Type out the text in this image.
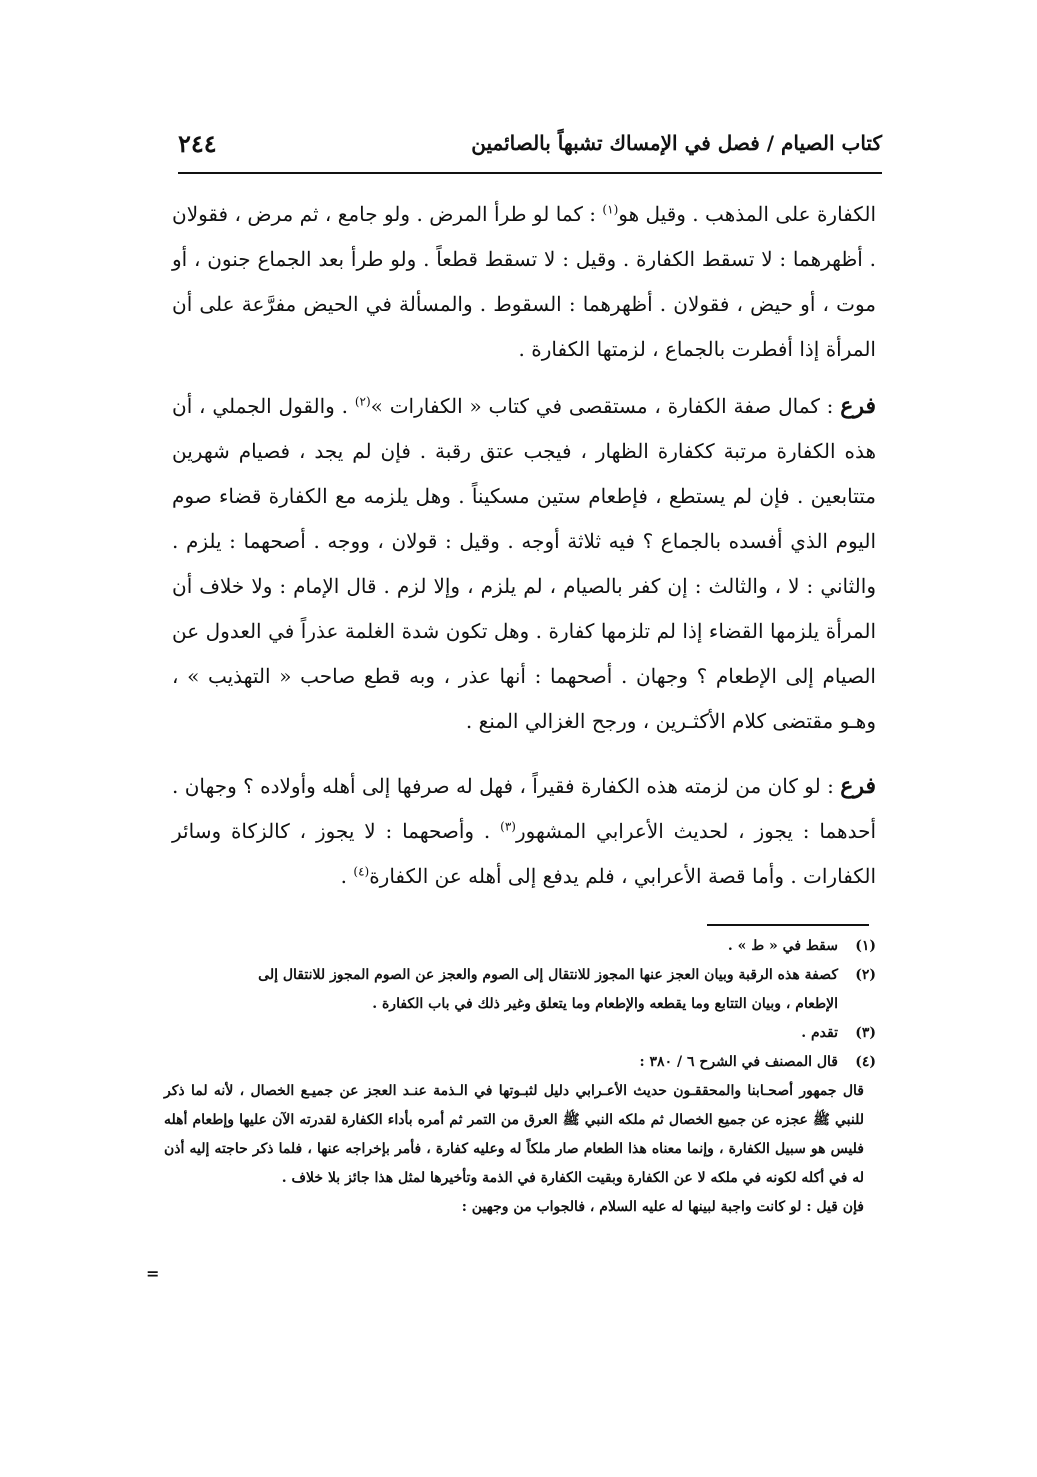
كتاب الصيام / فصل في الإمساك تشبهاً بالصائمين
٢٤٤

الكفارة على المذهب . وقيل هو$^{(١)}$ : كما لو طرأ المرض . ولو جامع ، ثم مرض ، فقولان . أظهرهما : لا تسقط الكفارة . وقيل : لا تسقط قطعاً . ولو طرأ بعد الجماع جنون ، أو موت ، أو حيض ، فقولان . أظهرهما : السقوط . والمسألة في الحيض مفرَّعة على أن المرأة إذا أفطرت بالجماع ، لزمتها الكفارة .

فرع : كمال صفة الكفارة ، مستقصى في كتاب « الكفارات »$^{(٢)}$ . والقول الجملي ، أن هذه الكفارة مرتبة ككفارة الظهار ، فيجب عتق رقبة . فإن لم يجد ، فصيام شهرين متتابعين . فإن لم يستطع ، فإطعام ستين مسكيناً . وهل يلزمه مع الكفارة قضاء صوم اليوم الذي أفسده بالجماع ؟ فيه ثلاثة أوجه . وقيل : قولان ، ووجه . أصحهما : يلزم . والثاني : لا ، والثالث : إن كفر بالصيام ، لم يلزم ، وإلا لزم . قال الإمام : ولا خلاف أن المرأة يلزمها القضاء إذا لم تلزمها كفارة . وهل تكون شدة الغلمة عذراً في العدول عن الصيام إلى الإطعام ؟ وجهان . أصحهما : أنها عذر ، وبه قطع صاحب « التهذيب » ، وهـو مقتضى كلام الأكثـرين ، ورجح الغزالي المنع .

فرع : لو كان من لزمته هذه الكفارة فقيراً ، فهل له صرفها إلى أهله وأولاده ؟ وجهان . أحدهما : يجوز ، لحديث الأعرابي المشهور$^{(٣)}$ . وأصحهما : لا يجوز ، كالزكاة وسائر الكفارات . وأما قصة الأعرابي ، فلم يدفع إلى أهله عن الكفارة$^{(٤)}$ .

(١)سقط في « ط » .

(٢)كصفة هذه الرقبة وبيان العجز عنها المجوز للانتقال إلى الصوم والعجز عن الصوم المجوز للانتقال إلى

الإطعام ، وبيان التتابع وما يقطعه والإطعام وما يتعلق وغير ذلك في باب الكفارة .

(٣)تقدم .

(٤)قال المصنف في الشرح ٦ / ٣٨٠ :

قال جمهور أصحـابنا والمحققـون حديث الأعـرابي دليل لثبـوتها في الـذمة عنـد العجز عن جميـع الخصال ، لأنه لما ذكر للنبي ﷺ عجزه عن جميع الخصال ثم ملكه النبي ﷺ العرق من التمر ثم أمره بأداء الكفارة لقدرته الآن عليها وإطعام أهله فليس هو سبيل الكفارة ، وإنما معناه هذا الطعام صار ملكاً له وعليه كفارة ، فأمر بإخراجه عنها ، فلما ذكر حاجته إليه أذن له في أكله لكونه في ملكه لا عن الكفارة وبقيت الكفارة في الذمة وتأخيرها لمثل هذا جائز بلا خلاف .

فإن قيل : لو كانت واجبة لبينها له عليه السلام ، فالجواب من وجهين :

=
